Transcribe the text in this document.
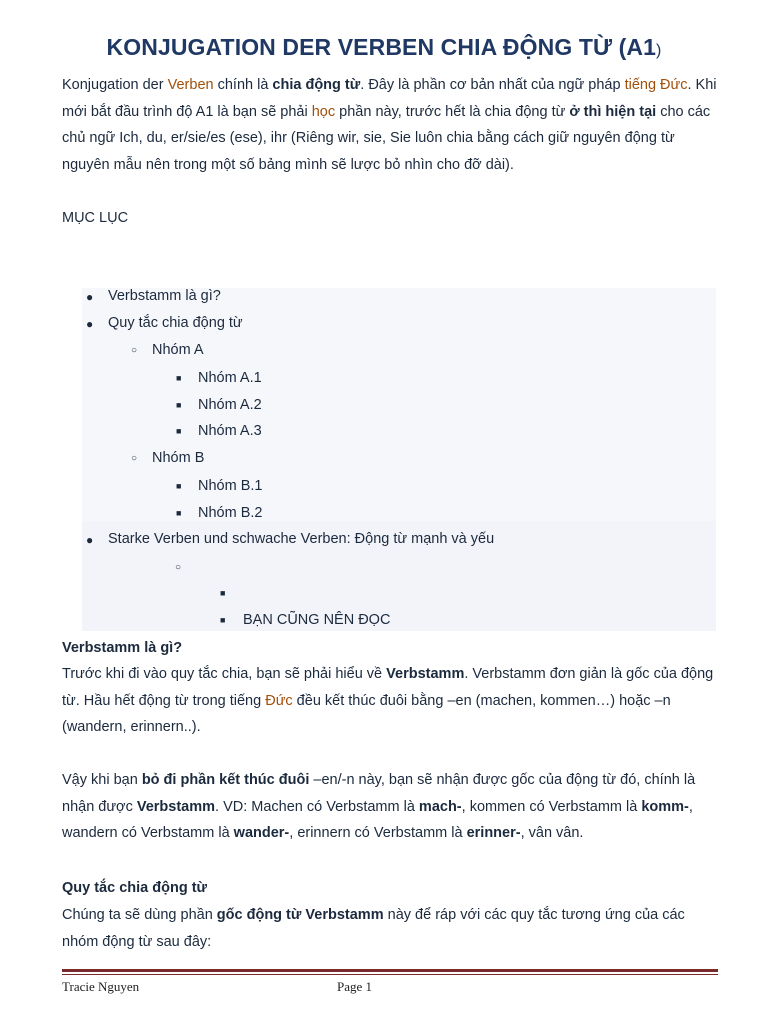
KONJUGATION DER VERBEN CHIA ĐỘNG TỪ (A1)
Konjugation der Verben chính là chia động từ. Đây là phần cơ bản nhất của ngữ pháp tiếng Đức. Khi mới bắt đầu trình độ A1 là bạn sẽ phải học phần này, trước hết là chia động từ ở thì hiện tại cho các chủ ngữ Ich, du, er/sie/es (ese), ihr (Riêng wir, sie, Sie luôn chia bằng cách giữ nguyên động từ nguyên mẫu nên trong một số bảng mình sẽ lược bỏ nhìn cho đỡ dài).
MỤC LỤC
● Verbstamm là gì?
● Quy tắc chia động từ
○ Nhóm A
■ Nhóm A.1
■ Nhóm A.2
■ Nhóm A.3
○ Nhóm B
■ Nhóm B.1
■ Nhóm B.2
● Starke Verben und schwache Verben: Động từ mạnh và yếu
○
■
■ BẠN CŨNG NÊN ĐỌC
Verbstamm là gì?
Trước khi đi vào quy tắc chia, bạn sẽ phải hiểu về Verbstamm. Verbstamm đơn giản là gốc của động từ. Hầu hết động từ trong tiếng Đức đều kết thúc đuôi bằng –en (machen, kommen…) hoặc –n (wandern, erinnern..).
Vậy khi bạn bỏ đi phần kết thúc đuôi –en/-n này, bạn sẽ nhận được gốc của động từ đó, chính là nhận được Verbstamm. VD: Machen có Verbstamm là mach-, kommen có Verbstamm là komm-, wandern có Verbstamm là wander-, erinnern có Verbstamm là erinner-, vân vân.
Quy tắc chia động từ
Chúng ta sẽ dùng phần gốc động từ Verbstamm này để ráp với các quy tắc tương ứng của các nhóm động từ sau đây:
Tracie Nguyen	Page 1
